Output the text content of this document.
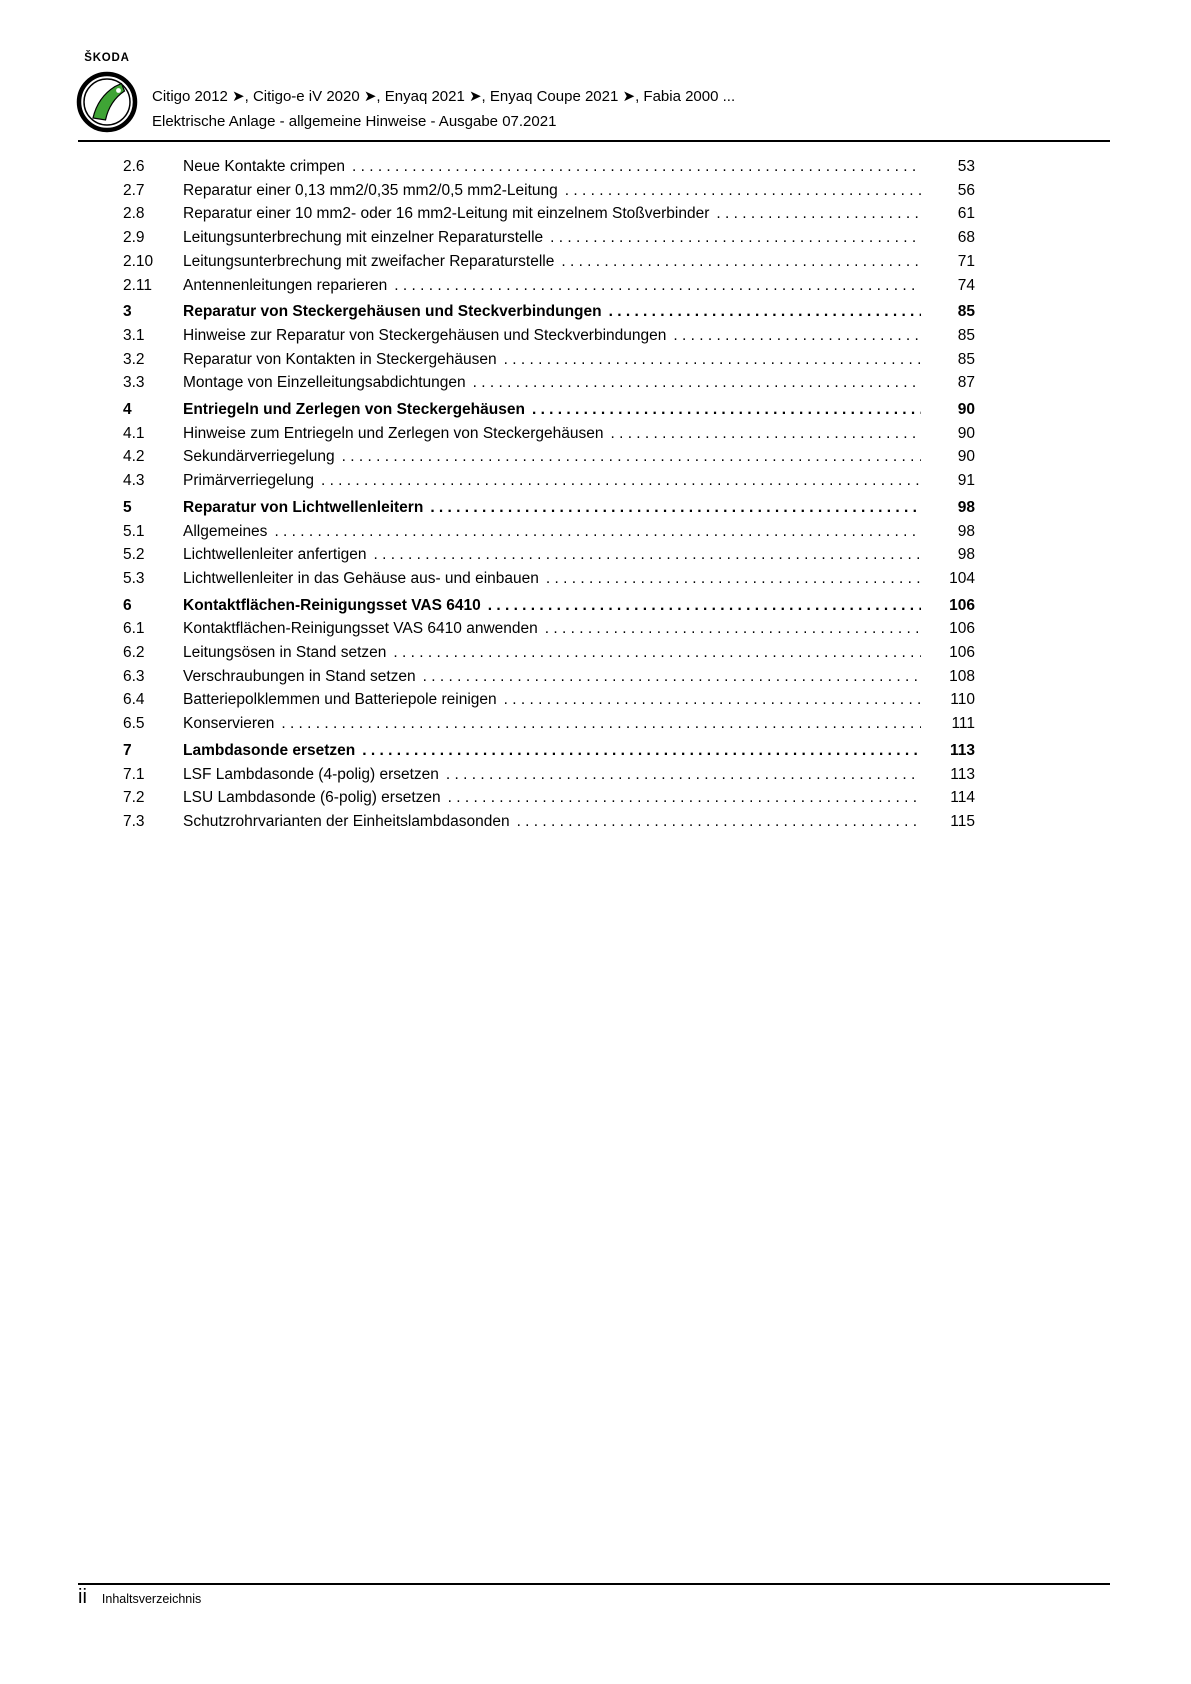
ŠKODA
Citigo 2012 ➤, Citigo-e iV 2020 ➤, Enyaq 2021 ➤, Enyaq Coupe 2021 ➤, Fabia 2000 ...
Elektrische Anlage - allgemeine Hinweise - Ausgabe 07.2021
2.6	Neue Kontakte crimpen . . .	53
2.7	Reparatur einer 0,13 mm2/0,35 mm2/0,5 mm2-Leitung . . .	56
2.8	Reparatur einer 10 mm2- oder 16 mm2-Leitung mit einzelnem Stoßverbinder . . .	61
2.9	Leitungsunterbrechung mit einzelner Reparaturstelle . . .	68
2.10	Leitungsunterbrechung mit zweifacher Reparaturstelle . . .	71
2.11	Antennenleitungen reparieren . . .	74
3	Reparatur von Steckergehäusen und Steckverbindungen . . .	85
3.1	Hinweise zur Reparatur von Steckergehäusen und Steckverbindungen . . .	85
3.2	Reparatur von Kontakten in Steckergehäusen . . .	85
3.3	Montage von Einzelleitungsabdichtungen . . .	87
4	Entriegeln und Zerlegen von Steckergehäusen . . .	90
4.1	Hinweise zum Entriegeln und Zerlegen von Steckergehäusen . . .	90
4.2	Sekundärverriegelung . . .	90
4.3	Primärverriegelung . . .	91
5	Reparatur von Lichtwellenleitern . . .	98
5.1	Allgemeines . . .	98
5.2	Lichtwellenleiter anfertigen . . .	98
5.3	Lichtwellenleiter in das Gehäuse aus- und einbauen . . .	104
6	Kontaktflächen-Reinigungsset VAS 6410 . . .	106
6.1	Kontaktflächen-Reinigungsset VAS 6410 anwenden . . .	106
6.2	Leitungsösen in Stand setzen . . .	106
6.3	Verschraubungen in Stand setzen . . .	108
6.4	Batteriepolklemmen und Batteriepole reinigen . . .	110
6.5	Konservieren . . .	111
7	Lambdasonde ersetzen . . .	113
7.1	LSF Lambdasonde (4-polig) ersetzen . . .	113
7.2	LSU Lambdasonde (6-polig) ersetzen . . .	114
7.3	Schutzrohrvarianten der Einheitslambdasonden . . .	115
ii Inhaltsverzeichnis
